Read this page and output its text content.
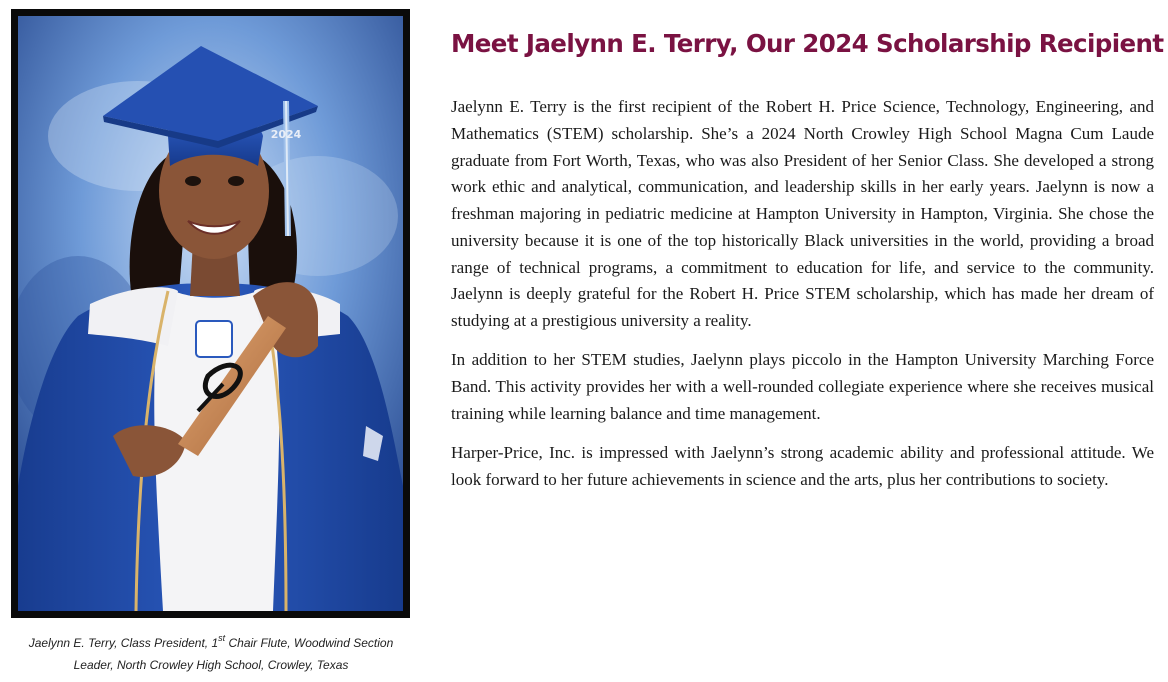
2024
Jaelynn E. Terry, Class President, 1st Chair Flute, Woodwind Section
Leader, North Crowley High School, Crowley, Texas
Meet Jaelynn E. Terry, Our 2024 Scholarship Recipient

Jaelynn E. Terry is the first recipient of the Robert H. Price Science, Technology, Engineering, and Mathematics (STEM) scholarship. She’s a 2024 North Crowley High School Magna Cum Laude graduate from Fort Worth, Texas, who was also President of her Senior Class. She developed a strong work ethic and analytical, communication, and leadership skills in her early years. Jaelynn is now a freshman majoring in pediatric medicine at Hampton University in Hampton, Virginia. She chose the university because it is one of the top historically Black universities in the world, providing a broad range of technical programs, a commitment to education for life, and service to the community. Jaelynn is deeply grateful for the Robert H. Price STEM scholarship, which has made her dream of studying at a prestigious university a reality.

In addition to her STEM studies, Jaelynn plays piccolo in the Hampton University Marching Force Band. This activity provides her with a well-rounded collegiate experience where she receives musical training while learning balance and time management.

Harper-Price, Inc. is impressed with Jaelynn’s strong academic ability and professional attitude. We look forward to her future achievements in science and the arts, plus her contributions to society.
